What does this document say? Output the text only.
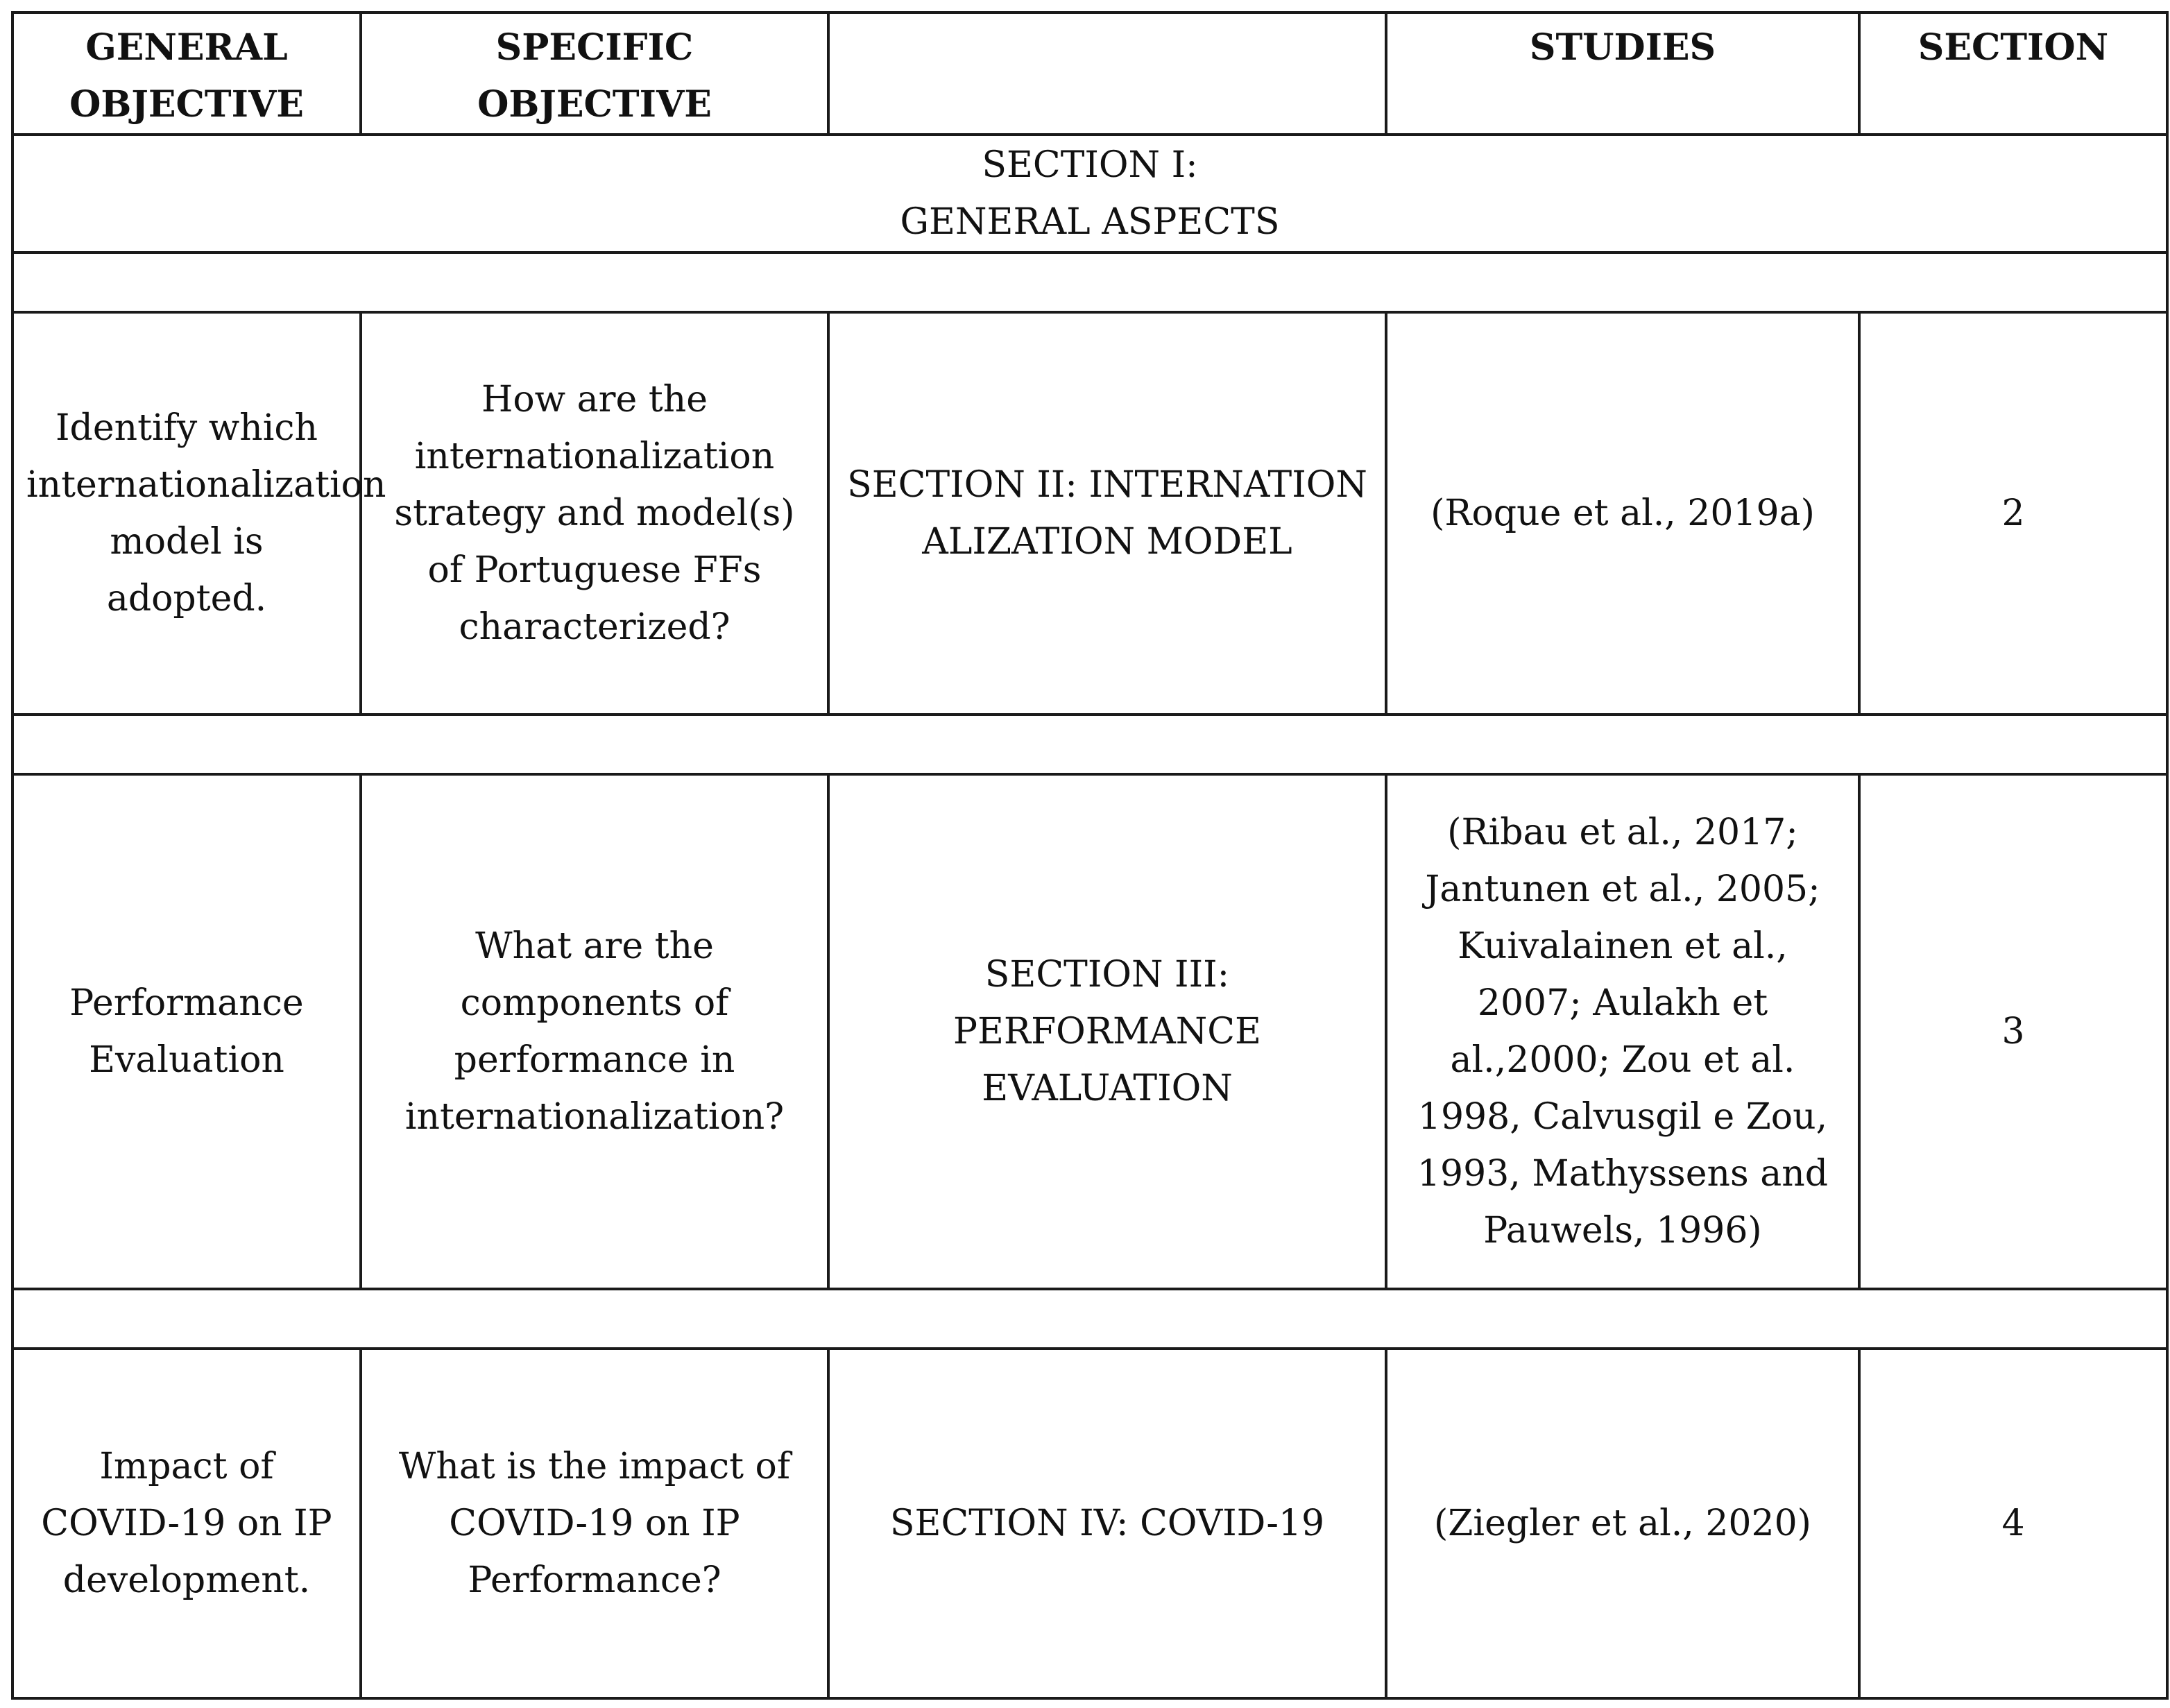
GENERAL OBJECTIVE	SPECIFIC OBJECTIVE		STUDIES	SECTION

SECTION I:
GENERAL ASPECTS				

Identify which internationalization model is adopted.	How are the internationalization strategy and model(s) of Portuguese FFs characterized?	SECTION II: INTERNATIONALIZATION MODEL	(Roque et al., 2019a)	2

Performance Evaluation	What are the components of performance in internationalization?	SECTION III: PERFORMANCE EVALUATION	(Ribau et al., 2017; Jantunen et al., 2005; Kuivalainen et al., 2007; Aulakh et al.,2000; Zou et al. 1998, Calvusgil e Zou, 1993, Mathyssens and Pauwels, 1996)	3

Impact of COVID-19 on IP development.	What is the impact of COVID-19 on IP Performance?	SECTION IV: COVID-19	(Ziegler et al., 2020)	4
